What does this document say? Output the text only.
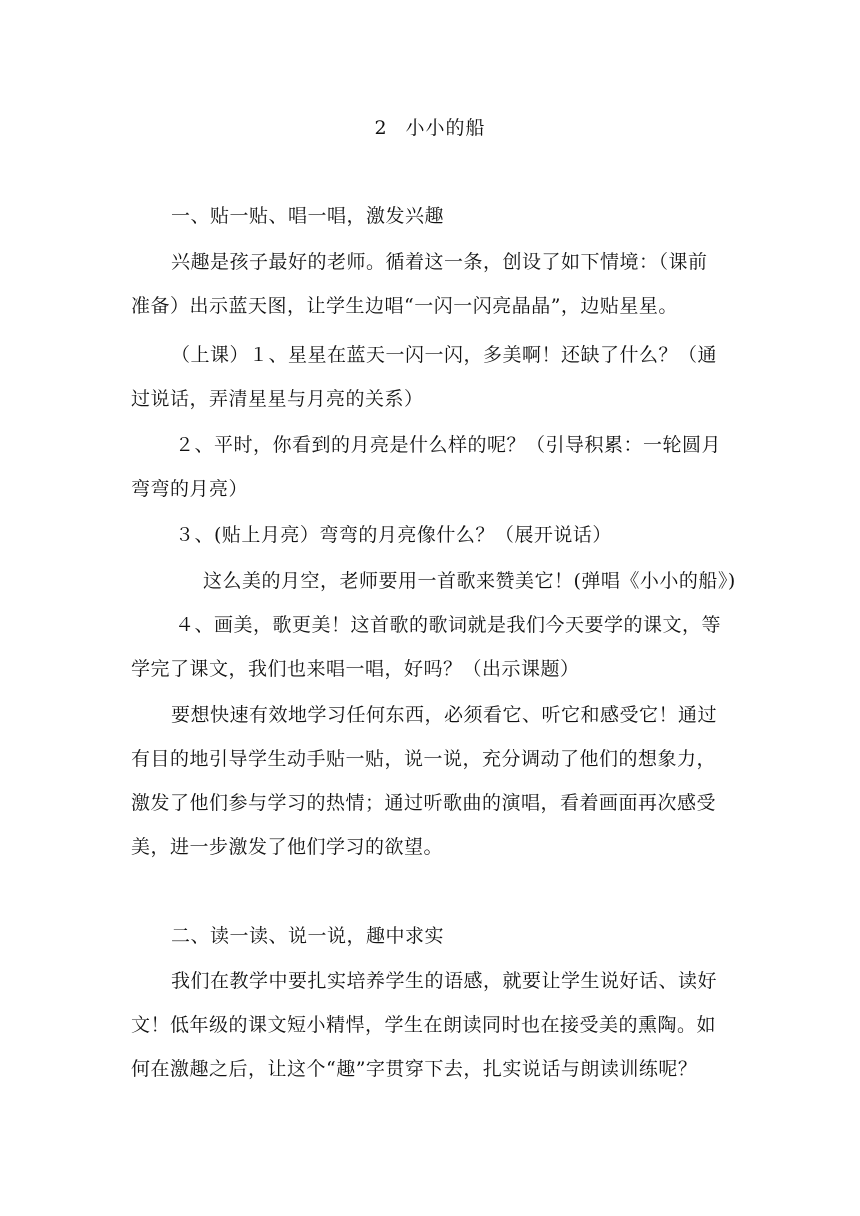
2 小小的船
一、贴一贴、唱一唱，激发兴趣
兴趣是孩子最好的老师。循着这一条，创设了如下情境：（课前
准备）出示蓝天图，让学生边唱“一闪一闪亮晶晶”，边贴星星。
（上课）１、星星在蓝天一闪一闪，多美啊！还缺了什么？（通
过说话，弄清星星与月亮的关系）
２、平时，你看到的月亮是什么样的呢？（引导积累：一轮圆月
弯弯的月亮）
３、(贴上月亮）弯弯的月亮像什么？（展开说话）
这么美的月空，老师要用一首歌来赞美它！(弹唱《小小的船》)
４、画美，歌更美！这首歌的歌词就是我们今天要学的课文，等
学完了课文，我们也来唱一唱，好吗？（出示课题）
要想快速有效地学习任何东西，必须看它、听它和感受它！通过
有目的地引导学生动手贴一贴，说一说，充分调动了他们的想象力，
激发了他们参与学习的热情；通过听歌曲的演唱，看着画面再次感受
美，进一步激发了他们学习的欲望。
二、读一读、说一说，趣中求实
我们在教学中要扎实培养学生的语感，就要让学生说好话、读好
文！低年级的课文短小精悍，学生在朗读同时也在接受美的熏陶。如
何在激趣之后，让这个“趣”字贯穿下去，扎实说话与朗读训练呢？
